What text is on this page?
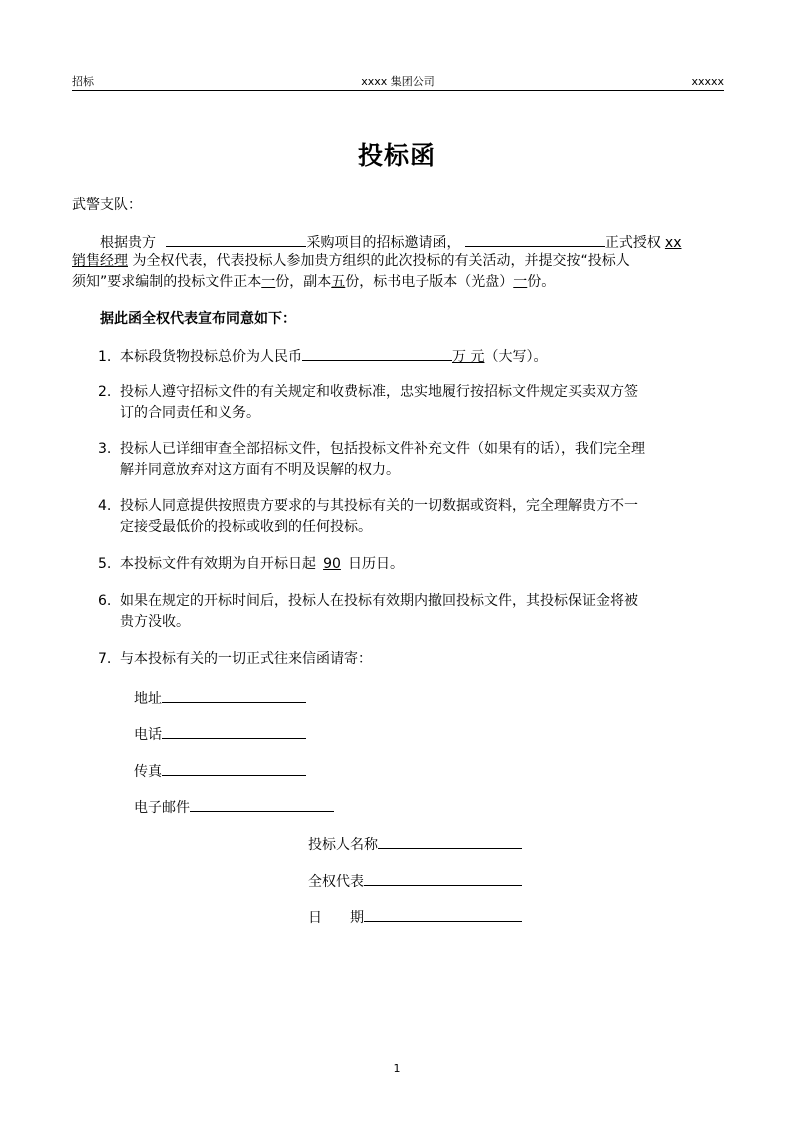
招标	xxxx 集团公司	xxxxx
投标函
武警支队：
根据贵方	采购项目的招标邀请函，	正式授权 xx
销售经理 为全权代表，代表投标人参加贵方组织的此次投标的有关活动，并提交按“投标人
须知”要求编制的投标文件正本一份，副本五份，标书电子版本（光盘）一份。
据此函全权代表宣布同意如下：
1. 本标段货物投标总价为人民币	万 元（大写）。
2. 投标人遵守招标文件的有关规定和收费标准，忠实地履行按招标文件规定买卖双方签
订的合同责任和义务。
3. 投标人已详细审查全部招标文件，包括投标文件补充文件（如果有的话），我们完全理
解并同意放弃对这方面有不明及误解的权力。
4. 投标人同意提供按照贵方要求的与其投标有关的一切数据或资料，完全理解贵方不一
定接受最低价的投标或收到的任何投标。
5. 本投标文件有效期为自开标日起 90 日历日。
6. 如果在规定的开标时间后，投标人在投标有效期内撤回投标文件，其投标保证金将被
贵方没收。
7. 与本投标有关的一切正式往来信函请寄：
地址
电话
传真
电子邮件
投标人名称
全权代表
日　　期
1
